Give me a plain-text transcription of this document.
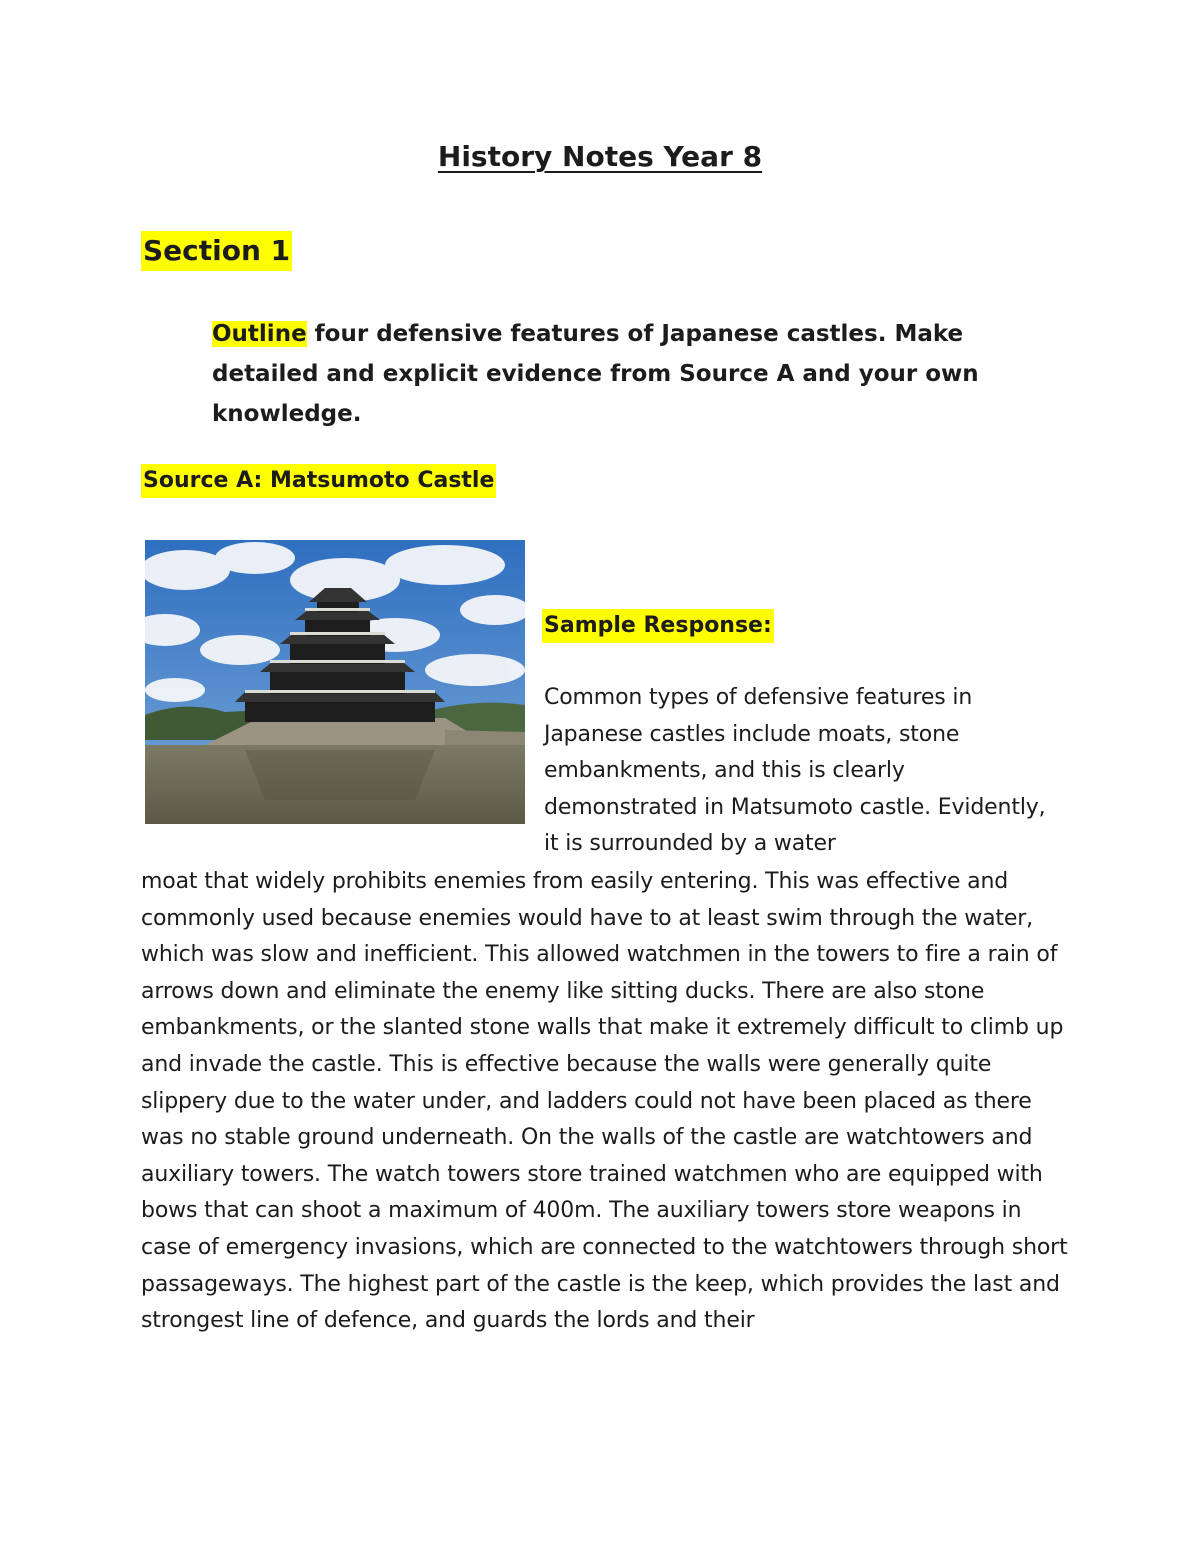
History Notes Year 8
Section 1

Outline four defensive features of Japanese castles. Make detailed and explicit evidence from Source A and your own knowledge.

Source A: Matsumoto Castle
Sample Response:

Common types of defensive features in Japanese castles include moats, stone embankments, and this is clearly demonstrated in Matsumoto castle. Evidently, it is surrounded by a water

moat that widely prohibits enemies from easily entering. This was effective and commonly used because enemies would have to at least swim through the water, which was slow and inefficient. This allowed watchmen in the towers to fire a rain of arrows down and eliminate the enemy like sitting ducks. There are also stone embankments, or the slanted stone walls that make it extremely difficult to climb up and invade the castle. This is effective because the walls were generally quite slippery due to the water under, and ladders could not have been placed as there was no stable ground underneath. On the walls of the castle are watchtowers and auxiliary towers. The watch towers store trained watchmen who are equipped with bows that can shoot a maximum of 400m. The auxiliary towers store weapons in case of emergency invasions, which are connected to the watchtowers through short passageways. The highest part of the castle is the keep, which provides the last and strongest line of defence, and guards the lords and their
